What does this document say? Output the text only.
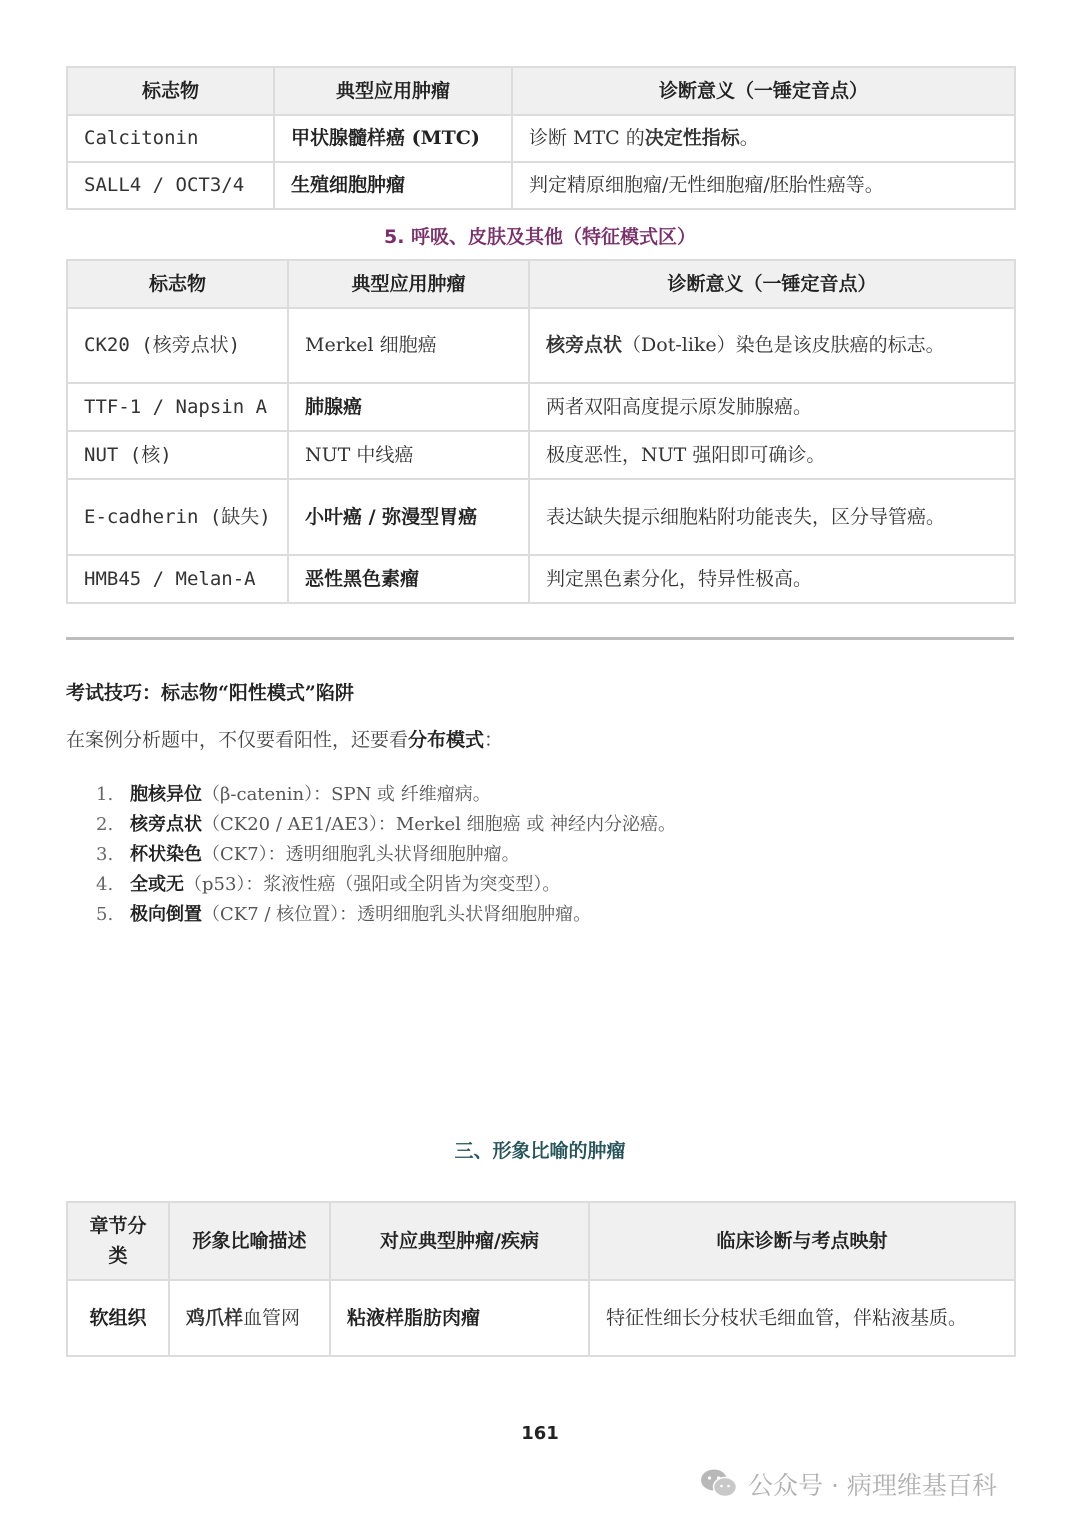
标志物	典型应用肿瘤	诊断意义（一锤定音点）
Calcitonin	甲状腺髓样癌 (MTC)	诊断 MTC 的决定性指标。
SALL4 / OCT3/4	生殖细胞肿瘤	判定精原细胞瘤/无性细胞瘤/胚胎性癌等。
5. 呼吸、皮肤及其他（特征模式区）
标志物	典型应用肿瘤	诊断意义（一锤定音点）
CK20 (核旁点状)	Merkel 细胞癌	核旁点状（Dot-like）染色是该皮肤癌的标志。
TTF-1 / Napsin A	肺腺癌	两者双阳高度提示原发肺腺癌。
NUT (核)	NUT 中线癌	极度恶性，NUT 强阳即可确诊。
E-cadherin (缺失)	小叶癌 / 弥漫型胃癌	表达缺失提示细胞粘附功能丧失，区分导管癌。
HMB45 / Melan-A	恶性黑色素瘤	判定黑色素分化，特异性极高。
考试技巧：标志物“阳性模式”陷阱
在案例分析题中，不仅要看阳性，还要看分布模式：
1. 胞核异位（β-catenin）：SPN 或 纤维瘤病。
2. 核旁点状（CK20 / AE1/AE3）：Merkel 细胞癌 或 神经内分泌癌。
3. 杯状染色（CK7）：透明细胞乳头状肾细胞肿瘤。
4. 全或无（p53）：浆液性癌（强阳或全阴皆为突变型）。
5. 极向倒置（CK7 / 核位置）：透明细胞乳头状肾细胞肿瘤。
三、形象比喻的肿瘤
章节分类	形象比喻描述	对应典型肿瘤/疾病	临床诊断与考点映射
软组织	鸡爪样血管网	粘液样脂肪肉瘤	特征性细长分枝状毛细血管，伴粘液基质。
161
公众号 · 病理维基百科
